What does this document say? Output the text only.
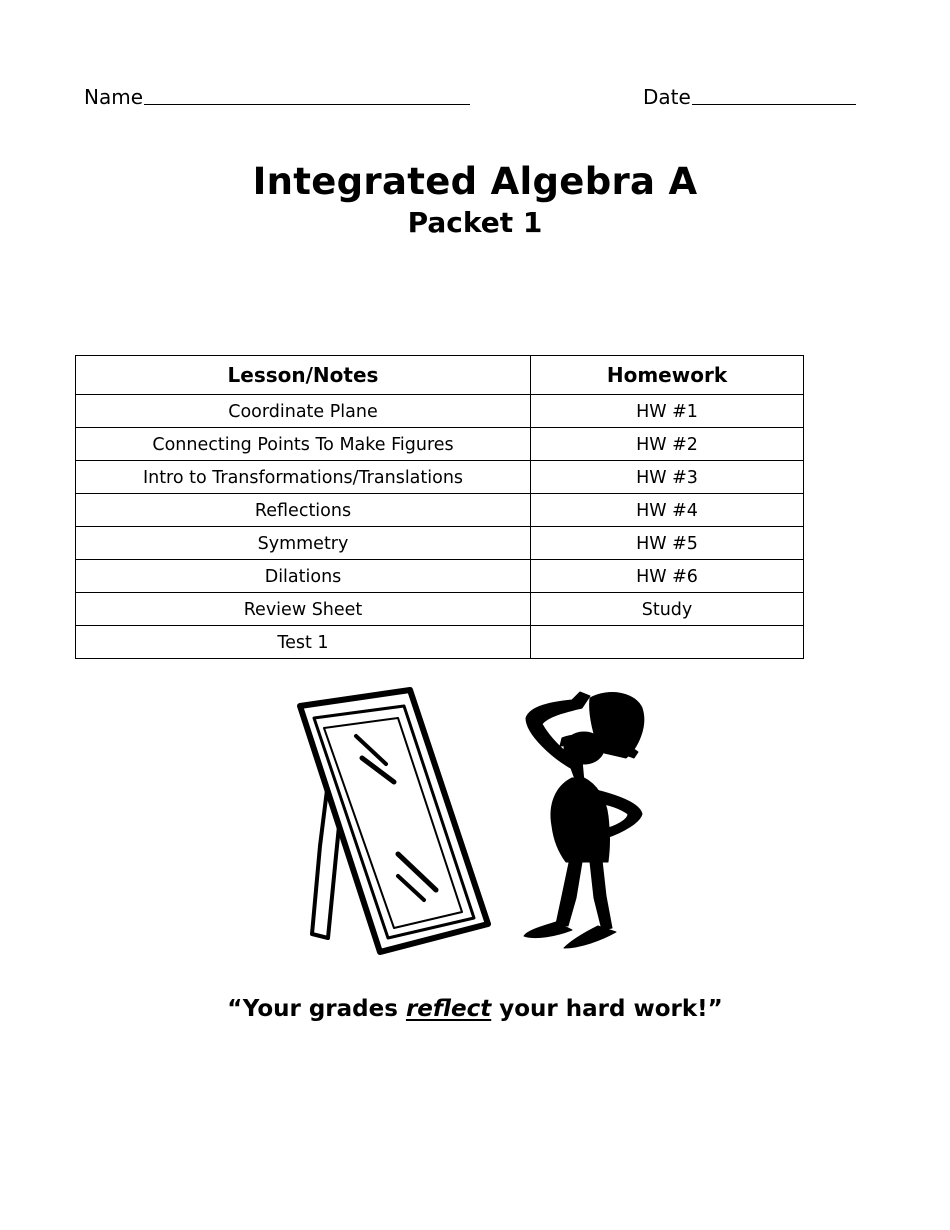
Name	Date
Integrated Algebra A
Packet 1
Lesson/Notes	Homework
Coordinate Plane	HW #1
Connecting Points To Make Figures	HW #2
Intro to Transformations/Translations	HW #3
Reflections	HW #4
Symmetry	HW #5
Dilations	HW #6
Review Sheet	Study
Test 1	
“Your grades reflect your hard work!”
